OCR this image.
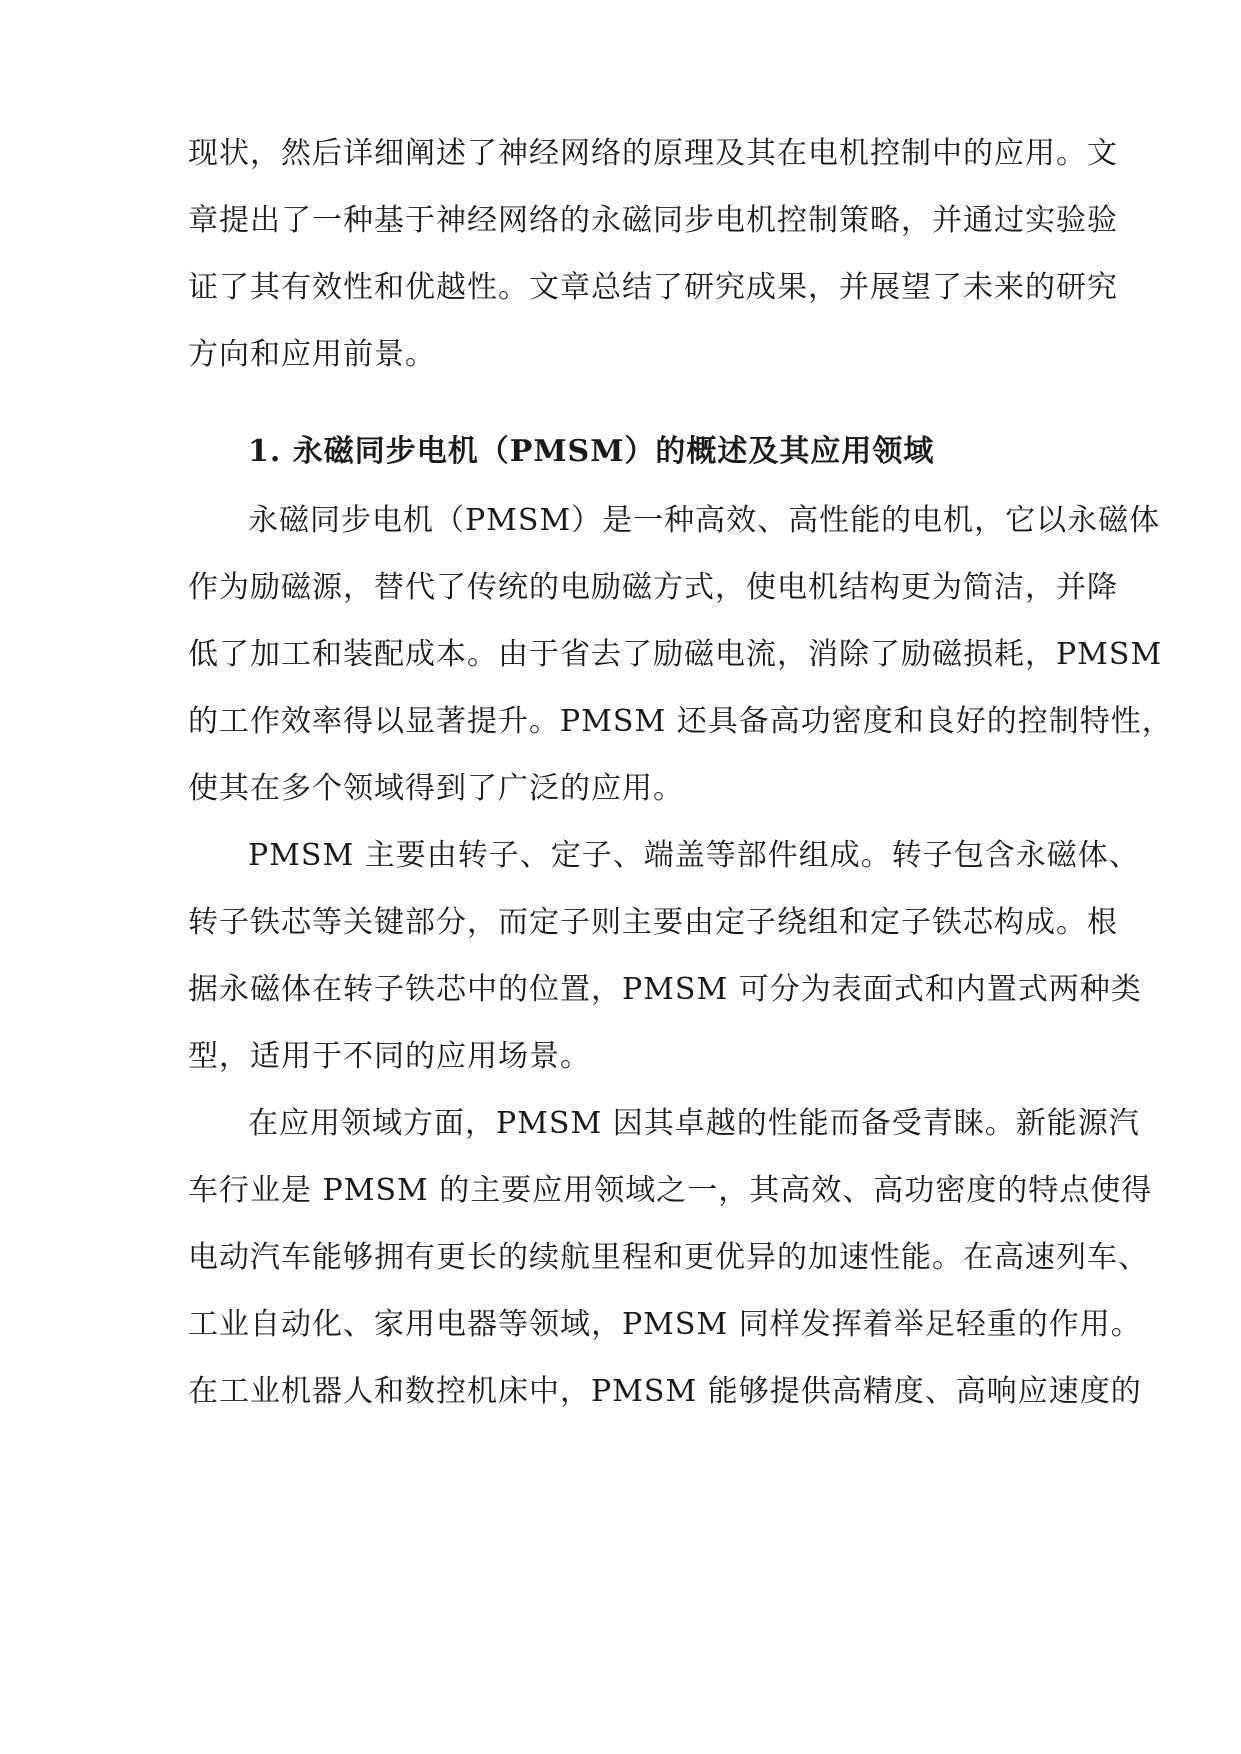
现状，然后详细阐述了神经网络的原理及其在电机控制中的应用。文
章提出了一种基于神经网络的永磁同步电机控制策略，并通过实验验
证了其有效性和优越性。文章总结了研究成果，并展望了未来的研究
方向和应用前景。
1. 永磁同步电机（PMSM）的概述及其应用领域
永磁同步电机（PMSM）是一种高效、高性能的电机，它以永磁体
作为励磁源，替代了传统的电励磁方式，使电机结构更为简洁，并降
低了加工和装配成本。由于省去了励磁电流，消除了励磁损耗，PMSM
的工作效率得以显著提升。PMSM 还具备高功密度和良好的控制特性，
使其在多个领域得到了广泛的应用。
PMSM 主要由转子、定子、端盖等部件组成。转子包含永磁体、
转子铁芯等关键部分，而定子则主要由定子绕组和定子铁芯构成。根
据永磁体在转子铁芯中的位置，PMSM 可分为表面式和内置式两种类
型，适用于不同的应用场景。
在应用领域方面，PMSM 因其卓越的性能而备受青睐。新能源汽
车行业是 PMSM 的主要应用领域之一，其高效、高功密度的特点使得
电动汽车能够拥有更长的续航里程和更优异的加速性能。在高速列车、
工业自动化、家用电器等领域，PMSM 同样发挥着举足轻重的作用。
在工业机器人和数控机床中，PMSM 能够提供高精度、高响应速度的
